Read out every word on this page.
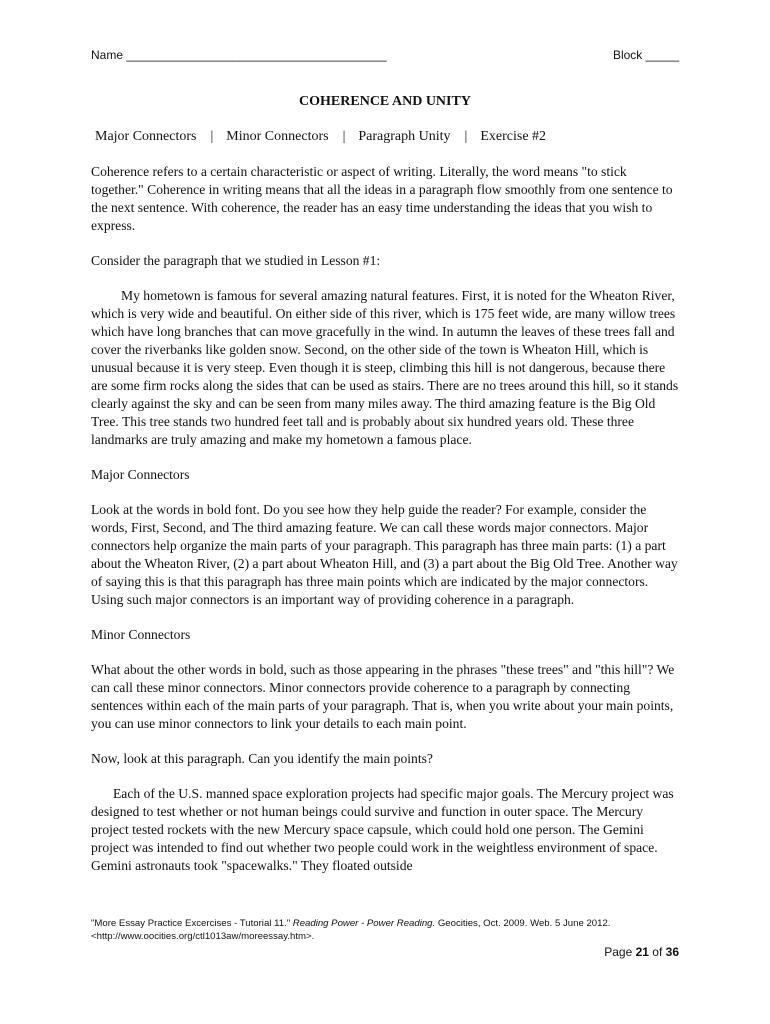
Name _______________________________________	Block _____
COHERENCE AND UNITY
Major Connectors | Minor Connectors | Paragraph Unity | Exercise #2

Coherence refers to a certain characteristic or aspect of writing. Literally, the word means "to stick together." Coherence in writing means that all the ideas in a paragraph flow smoothly from one sentence to the next sentence. With coherence, the reader has an easy time understanding the ideas that you wish to express.

Consider the paragraph that we studied in Lesson #1:

My hometown is famous for several amazing natural features. First, it is noted for the Wheaton River, which is very wide and beautiful. On either side of this river, which is 175 feet wide, are many willow trees which have long branches that can move gracefully in the wind. In autumn the leaves of these trees fall and cover the riverbanks like golden snow. Second, on the other side of the town is Wheaton Hill, which is unusual because it is very steep. Even though it is steep, climbing this hill is not dangerous, because there are some firm rocks along the sides that can be used as stairs. There are no trees around this hill, so it stands clearly against the sky and can be seen from many miles away. The third amazing feature is the Big Old Tree. This tree stands two hundred feet tall and is probably about six hundred years old. These three landmarks are truly amazing and make my hometown a famous place.

Major Connectors

Look at the words in bold font. Do you see how they help guide the reader? For example, consider the words, First, Second, and The third amazing feature. We can call these words major connectors. Major connectors help organize the main parts of your paragraph. This paragraph has three main parts: (1) a part about the Wheaton River, (2) a part about Wheaton Hill, and (3) a part about the Big Old Tree. Another way of saying this is that this paragraph has three main points which are indicated by the major connectors. Using such major connectors is an important way of providing coherence in a paragraph.

Minor Connectors

What about the other words in bold, such as those appearing in the phrases "these trees" and "this hill"? We can call these minor connectors. Minor connectors provide coherence to a paragraph by connecting sentences within each of the main parts of your paragraph. That is, when you write about your main points, you can use minor connectors to link your details to each main point.

Now, look at this paragraph. Can you identify the main points?

Each of the U.S. manned space exploration projects had specific major goals. The Mercury project was designed to test whether or not human beings could survive and function in outer space. The Mercury project tested rockets with the new Mercury space capsule, which could hold one person. The Gemini project was intended to find out whether two people could work in the weightless environment of space. Gemini astronauts took "spacewalks." They floated outside

"More Essay Practice Excercises - Tutorial 11." Reading Power - Power Reading. Geocities, Oct. 2009. Web. 5 June 2012.
<http://www.oocities.org/ctl1013aw/moreessay.htm>.
Page 21 of 36
